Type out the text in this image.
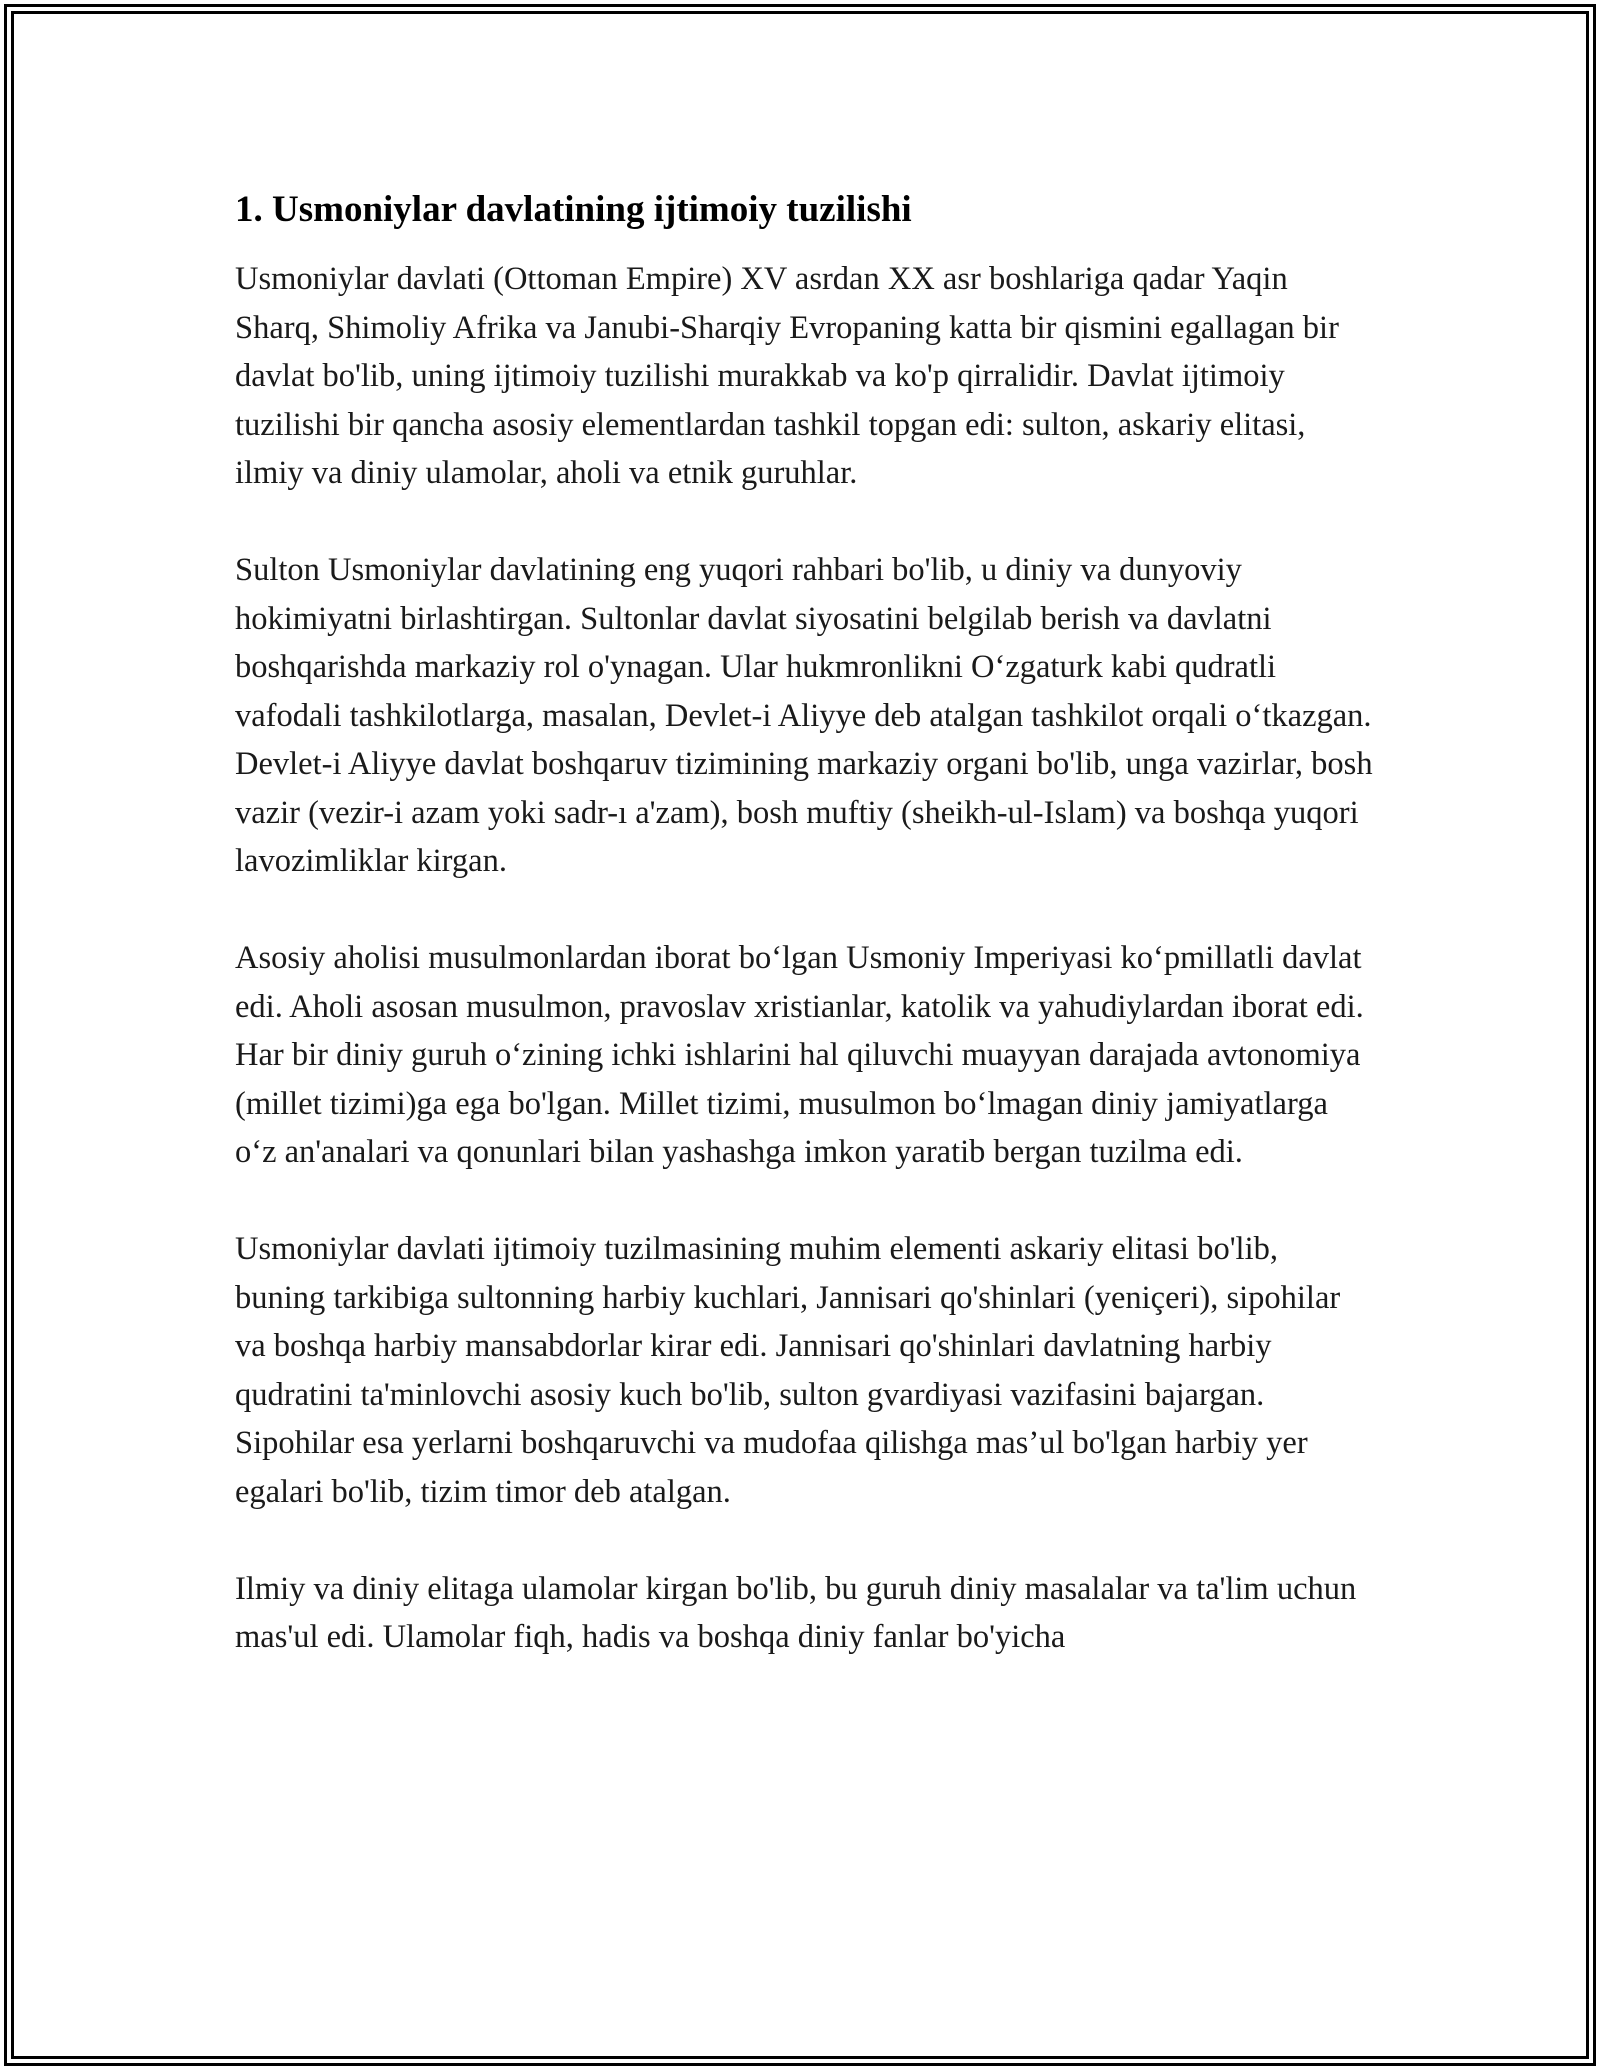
1. Usmoniylar davlatining ijtimoiy tuzilishi

Usmoniylar davlati (Ottoman Empire) XV asrdan XX asr boshlariga qadar Yaqin Sharq, Shimoliy Afrika va Janubi-Sharqiy Evropaning katta bir qismini egallagan bir davlat bo'lib, uning ijtimoiy tuzilishi murakkab va ko'p qirralidir. Davlat ijtimoiy tuzilishi bir qancha asosiy elementlardan tashkil topgan edi: sulton, askariy elitasi, ilmiy va diniy ulamolar, aholi va etnik guruhlar.

Sulton Usmoniylar davlatining eng yuqori rahbari bo'lib, u diniy va dunyoviy hokimiyatni birlashtirgan. Sultonlar davlat siyosatini belgilab berish va davlatni boshqarishda markaziy rol o'ynagan. Ular hukmronlikni O‘zgaturk kabi qudratli vafodali tashkilotlarga, masalan, Devlet-i Aliyye deb atalgan tashkilot orqali o‘tkazgan. Devlet-i Aliyye davlat boshqaruv tizimining markaziy organi bo'lib, unga vazirlar, bosh vazir (vezir-i azam yoki sadr-ı a'zam), bosh muftiy (sheikh-ul-Islam) va boshqa yuqori lavozimliklar kirgan.

Asosiy aholisi musulmonlardan iborat bo‘lgan Usmoniy Imperiyasi ko‘pmillatli davlat edi. Aholi asosan musulmon, pravoslav xristianlar, katolik va yahudiylardan iborat edi. Har bir diniy guruh o‘zining ichki ishlarini hal qiluvchi muayyan darajada avtonomiya (millet tizimi)ga ega bo'lgan. Millet tizimi, musulmon bo‘lmagan diniy jamiyatlarga o‘z an'analari va qonunlari bilan yashashga imkon yaratib bergan tuzilma edi.

Usmoniylar davlati ijtimoiy tuzilmasining muhim elementi askariy elitasi bo'lib, buning tarkibiga sultonning harbiy kuchlari, Jannisari qo'shinlari (yeniçeri), sipohilar va boshqa harbiy mansabdorlar kirar edi. Jannisari qo'shinlari davlatning harbiy qudratini ta'minlovchi asosiy kuch bo'lib, sulton gvardiyasi vazifasini bajargan. Sipohilar esa yerlarni boshqaruvchi va mudofaa qilishga mas’ul bo'lgan harbiy yer egalari bo'lib, tizim timor deb atalgan.

Ilmiy va diniy elitaga ulamolar kirgan bo'lib, bu guruh diniy masalalar va ta'lim uchun mas'ul edi. Ulamolar fiqh, hadis va boshqa diniy fanlar bo'yicha
